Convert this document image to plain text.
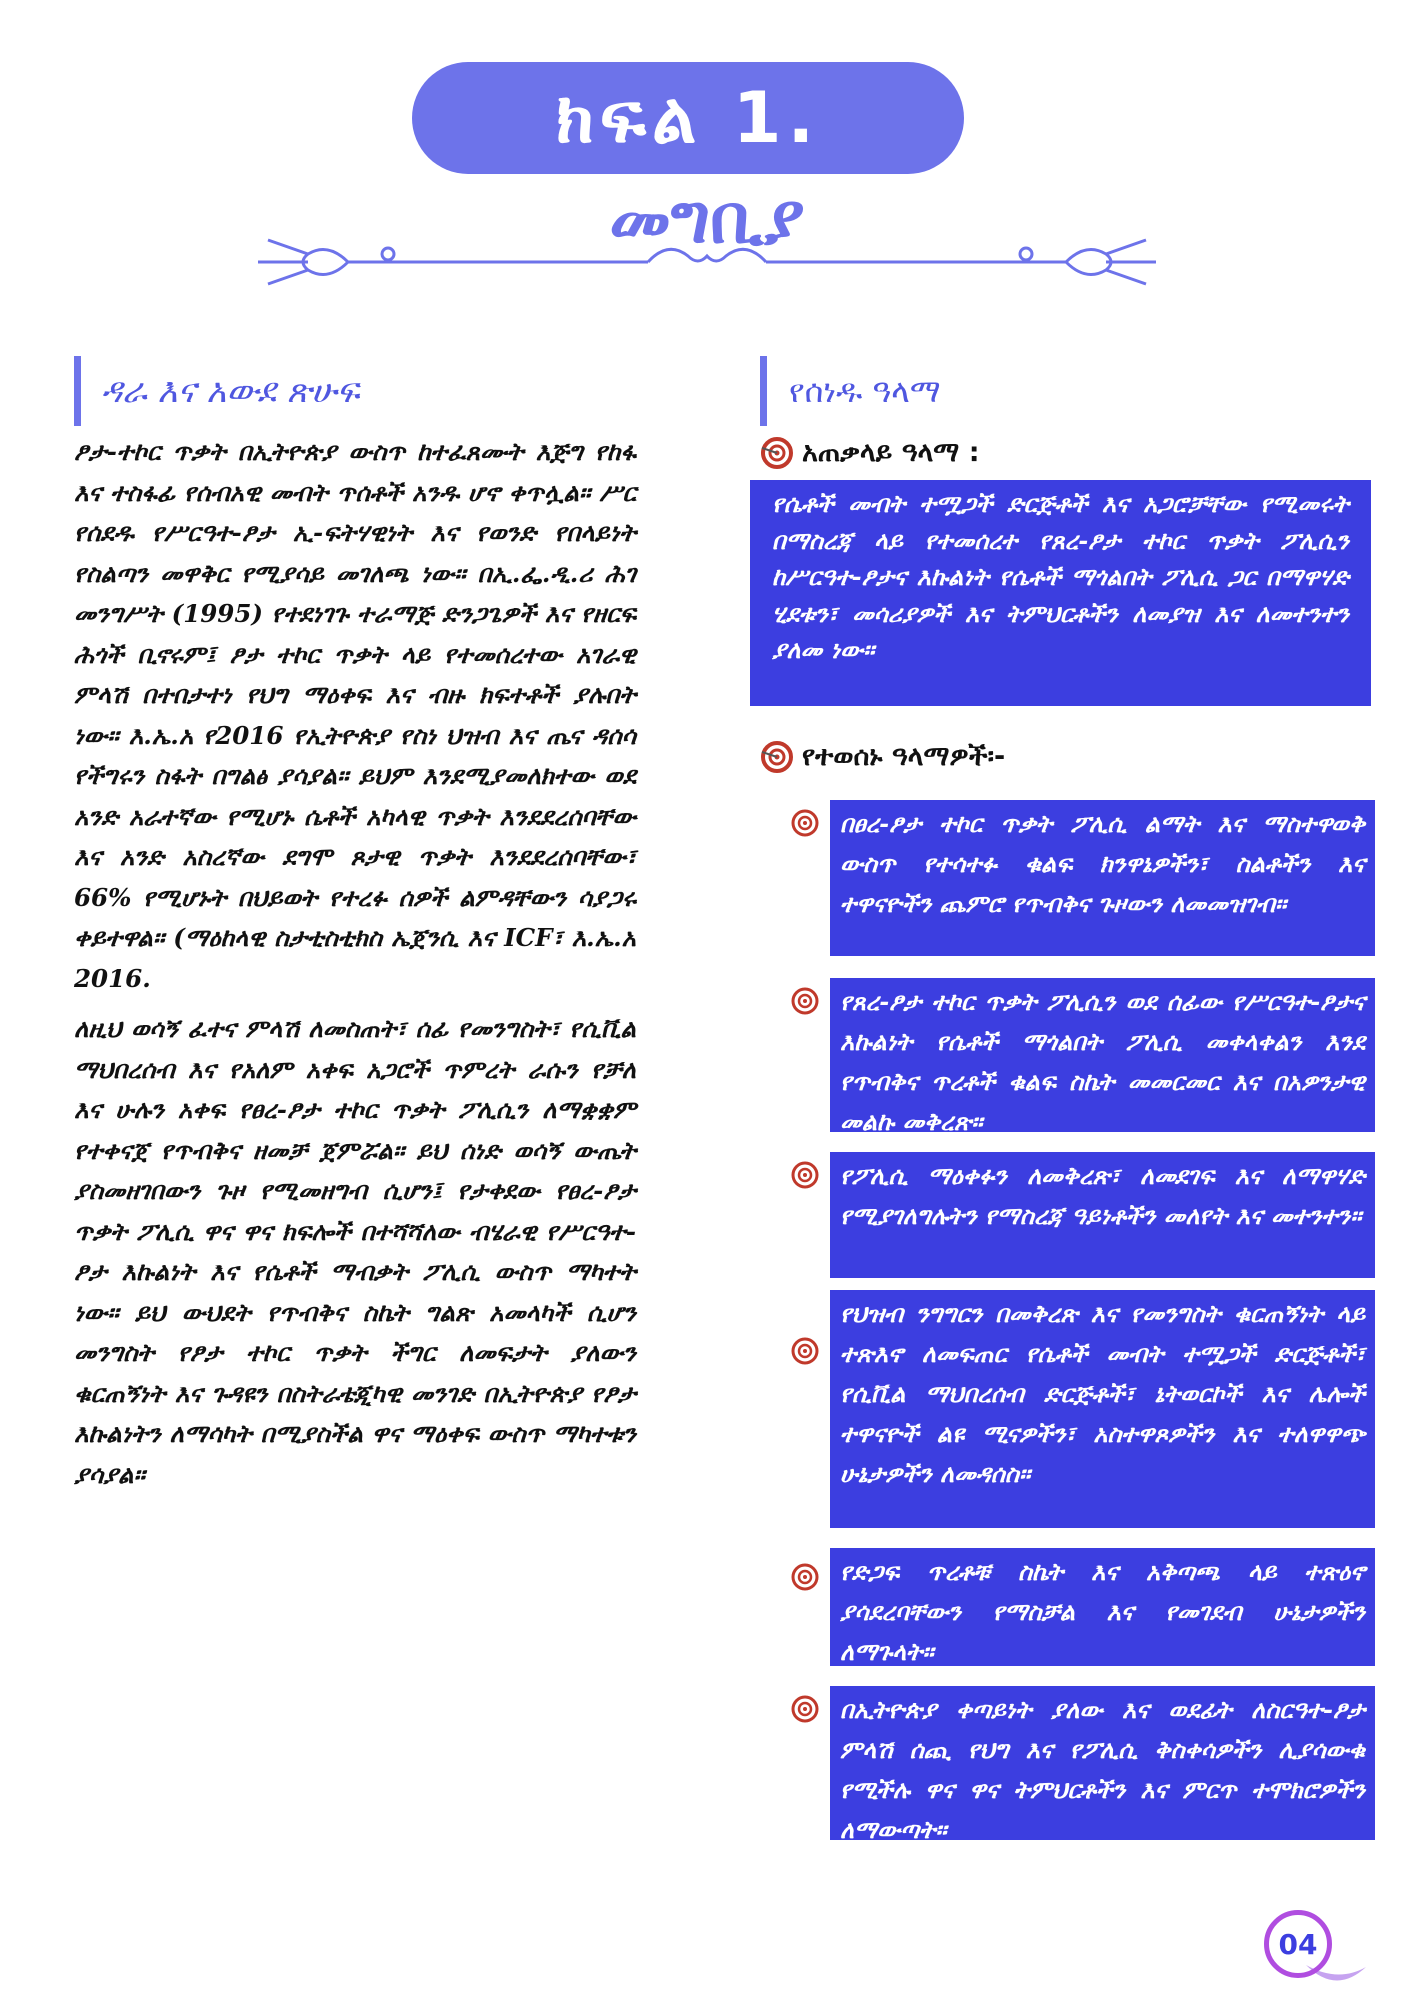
ክፍል 1.
መግቢያ
ዳራ እና አውደ ጽሁፍ

ፆታ-ተኮር ጥቃት በኢትዮጵያ ውስጥ ከተፈጸሙት እጅግ የከፋ እና ተስፋፊ የሰብአዊ መብት ጥሰቶች አንዱ ሆኖ ቀጥሏል። ሥር የሰደዱ የሥርዓተ-ፆታ ኢ-ፍትሃዊነት እና የወንድ የበላይነት የስልጣን መዋቅር የሚያሳይ መገለጫ ነው። በኢ.ፌ.ዲ.ሪ ሕገ መንግሥት (1995) የተደነገጉ ተራማጅ ድንጋጌዎች እና የዘርፍ ሕጎች ቢኖሩም፤ ፆታ ተኮር ጥቃት ላይ የተመሰረተው አገራዊ ምላሽ በተበታተነ የህግ ማዕቀፍ እና ብዙ ክፍተቶች ያሉበት ነው። እ.ኤ.አ የ2016 የኢትዮጵያ የስነ ህዝብ እና ጤና ዳሰሳ የችግሩን ስፋት በግልፅ ያሳያል። ይህም እንደሚያመለክተው ወደ አንድ አራተኛው የሚሆኑ ሴቶች አካላዊ ጥቃት እንደደረሰባቸው እና አንድ አስረኛው ደግሞ ጾታዊ ጥቃት እንደደረሰባቸው፣ 66% የሚሆኑት በህይወት የተረፉ ሰዎች ልምዳቸውን ሳያጋሩ ቀይተዋል። (ማዕከላዊ ስታቲስቲክስ ኤጀንሲ እና ICF፣ እ.ኤ.አ 2016.

ለዚህ ወሳኝ ፈተና ምላሽ ለመስጠት፣ ሰፊ የመንግስት፣ የሲቪል ማህበረሰብ እና የአለም አቀፍ አጋሮች ጥምረት ራሱን የቻለ እና ሁሉን አቀፍ የፀረ-ፆታ ተኮር ጥቃት ፖሊሲን ለማቋቋም የተቀናጀ የጥብቅና ዘመቻ ጀምሯል። ይህ ሰነድ ወሳኝ ውጤት ያስመዘገበውን ጉዞ የሚመዘግብ ሲሆን፤ የታቀደው የፀረ-ፆታ ጥቃት ፖሊሲ ዋና ዋና ክፍሎች በተሻሻለው ብሄራዊ የሥርዓተ-ፆታ እኩልነት እና የሴቶች ማብቃት ፖሊሲ ውስጥ ማካተት ነው። ይህ ውህደት የጥብቅና ስኬት ግልጽ አመላካች ሲሆን መንግስት የፆታ ተኮር ጥቃት ችግር ለመፍታት ያለውን ቁርጠኝነት እና ጉዳዩን በስትራቴጂካዊ መንገድ በኢትዮጵያ የፆታ እኩልነትን ለማሳካት በሚያስችል ዋና ማዕቀፍ ውስጥ ማካተቱን ያሳያል።

የሰነዱ ዓላማ
አጠቃላይ ዓላማ :
የሴቶች መብት ተሟጋች ድርጅቶች እና አጋሮቻቸው የሚመሩት በማስረጃ ላይ የተመሰረተ የጸረ-ፆታ ተኮር ጥቃት ፖሊሲን ከሥርዓተ-ፆታና እኩልነት የሴቶች ማጎልበት ፖሊሲ ጋር በማዋሃድ ሂደቱን፣ መሳሪያዎች እና ትምህርቶችን ለመያዝ እና ለመተንተን ያለመ ነው።
የተወሰኑ ዓላማዎች፡-
በፀረ-ፆታ ተኮር ጥቃት ፖሊሲ ልማት እና ማስተዋወቅ ውስጥ የተሳተፉ ቁልፍ ክንዋኔዎችን፣ ስልቶችን እና ተዋናዮችን ጨምሮ የጥብቅና ጉዞውን ለመመዝገብ።
የጸረ-ፆታ ተኮር ጥቃት ፖሊሲን ወደ ሰፊው የሥርዓተ-ፆታና እኩልነት የሴቶች ማጎልበት ፖሊሲ መቀላቀልን እንደ የጥብቅና ጥረቶች ቁልፍ ስኬት መመርመር እና በአዎንታዊ መልኩ መቅረጽ።
የፖሊሲ ማዕቀፉን ለመቅረጽ፣ ለመደገፍ እና ለማዋሃድ የሚያገለግሉትን የማስረጃ ዓይነቶችን መለየት እና መተንተን።
የህዝብ ንግግርን በመቅረጽ እና የመንግስት ቁርጠኝነት ላይ ተጽእኖ ለመፍጠር የሴቶች መብት ተሟጋች ድርጅቶች፣ የሲቪል ማህበረሰብ ድርጅቶች፣ ኔትወርኮች እና ሌሎች ተዋናዮች ልዩ ሚናዎችን፣ አስተዋጾዎችን እና ተለዋዋጭ ሁኔታዎችን ለመዳሰስ።
የድጋፍ ጥረቶቹ ስኬት እና አቅጣጫ ላይ ተጽዕኖ ያሳደረባቸውን የማስቻል እና የመገደብ ሁኔታዎችን ለማጉላት።
በኢትዮጵያ ቀጣይነት ያለው እና ወደፊት ለስርዓተ-ፆታ ምላሽ ሰጪ የህግ እና የፖሊሲ ቅስቀሳዎችን ሊያሳውቁ የሚችሉ ዋና ዋና ትምህርቶችን እና ምርጥ ተሞክሮዎችን ለማውጣት።
04
